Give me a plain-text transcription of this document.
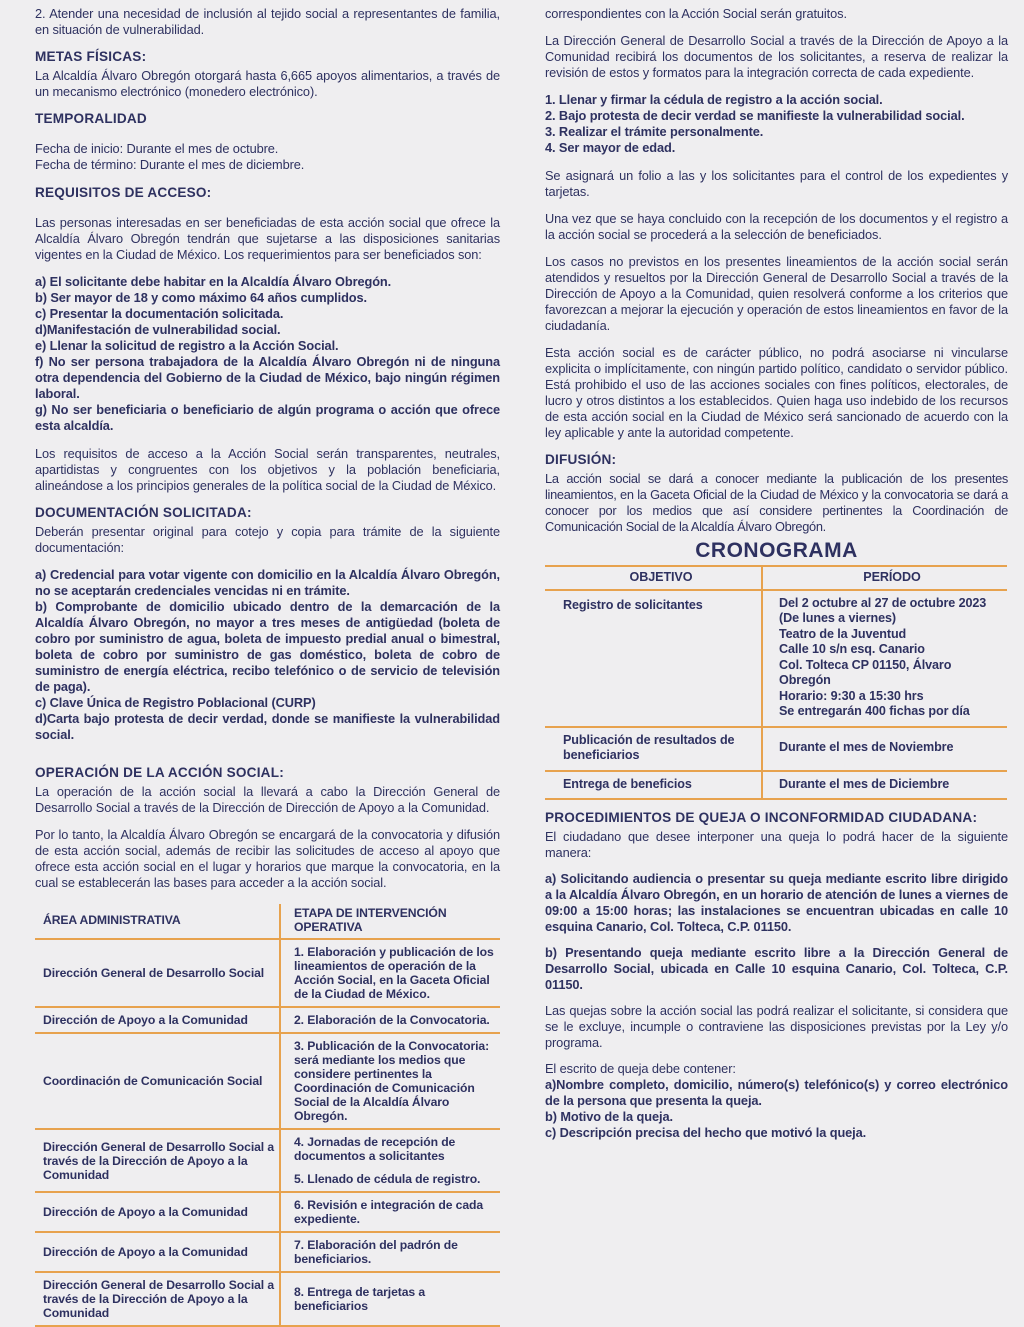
2. Atender una necesidad de inclusión al tejido social a representantes de familia, en situación de vulnerabilidad.
METAS FÍSICAS:
La Alcaldía Álvaro Obregón otorgará hasta 6,665 apoyos alimentarios, a través de un mecanismo electrónico (monedero electrónico).
TEMPORALIDAD
Fecha de inicio: Durante el mes de octubre.
Fecha de término: Durante el mes de diciembre.
REQUISITOS DE ACCESO:
Las personas interesadas en ser beneficiadas de esta acción social que ofrece la Alcaldía Álvaro Obregón tendrán que sujetarse a las disposiciones sanitarias vigentes en la Ciudad de México. Los requerimientos para ser beneficiados son:
a) El solicitante debe habitar en la Alcaldía Álvaro Obregón.
b) Ser mayor de 18 y como máximo 64 años cumplidos.
c) Presentar la documentación solicitada.
d)Manifestación de vulnerabilidad social.
e) Llenar la solicitud de registro a la Acción Social.
f) No ser persona trabajadora de la Alcaldía Álvaro Obregón ni de ninguna otra dependencia del Gobierno de la Ciudad de México, bajo ningún régimen laboral.
g) No ser beneficiaria o beneficiario de algún programa o acción que ofrece esta alcaldía.
Los requisitos de acceso a la Acción Social serán transparentes, neutrales, apartidistas y congruentes con los objetivos y la población beneficiaria, alineándose a los principios generales de la política social de la Ciudad de México.
DOCUMENTACIÓN SOLICITADA:
Deberán presentar original para cotejo y copia para trámite de la siguiente documentación:
a) Credencial para votar vigente con domicilio en la Alcaldía Álvaro Obregón, no se aceptarán credenciales vencidas ni en trámite.
b) Comprobante de domicilio ubicado dentro de la demarcación de la Alcaldía Álvaro Obregón, no mayor a tres meses de antigüedad (boleta de cobro por suministro de agua, boleta de impuesto predial anual o bimestral, boleta de cobro por suministro de gas doméstico, boleta de cobro de suministro de energía eléctrica, recibo telefónico o de servicio de televisión de paga).
c) Clave Única de Registro Poblacional (CURP)
d)Carta bajo protesta de decir verdad, donde se manifieste la vulnerabilidad social.
OPERACIÓN DE LA ACCIÓN SOCIAL:
La operación de la acción social la llevará a cabo la Dirección General de Desarrollo Social a través de la Dirección de Dirección de Apoyo a la Comunidad.
Por lo tanto, la Alcaldía Álvaro Obregón se encargará de la convocatoria y difusión de esta acción social, además de recibir las solicitudes de acceso al apoyo que ofrece esta acción social en el lugar y horarios que marque la convocatoria, en la cual se establecerán las bases para acceder a la acción social.
ÁREA ADMINISTRATIVA	ETAPA DE INTERVENCIÓN OPERATIVA
Dirección General de Desarrollo Social	1. Elaboración y publicación de los lineamientos de operación de la Acción Social, en la Gaceta Oficial de la Ciudad de México.

Dirección de Apoyo a la Comunidad	2. Elaboración de la Convocatoria.

Coordinación de Comunicación Social	3. Publicación de la Convocatoria: será mediante los medios que considere pertinentes la Coordinación de Comunicación Social de la Alcaldía Álvaro Obregón.

Dirección General de Desarrollo Social a través de la Dirección de Apoyo a la Comunidad	4. Jornadas de recepción de documentos a solicitantes
5. Llenado de cédula de registro.

Dirección de Apoyo a la Comunidad	6. Revisión e integración de cada expediente.

Dirección de Apoyo a la Comunidad	7. Elaboración del padrón de beneficiarios.

Dirección General de Desarrollo Social a través de la Dirección de Apoyo a la Comunidad	8. Entrega de tarjetas a beneficiarios
correspondientes con la Acción Social serán gratuitos.
La Dirección General de Desarrollo Social a través de la Dirección de Apoyo a la Comunidad recibirá los documentos de los solicitantes, a reserva de realizar la revisión de estos y formatos para la integración correcta de cada expediente.
1. Llenar y firmar la cédula de registro a la acción social.
2. Bajo protesta de decir verdad se manifieste la vulnerabilidad social.
3. Realizar el trámite personalmente.
4. Ser mayor de edad.
Se asignará un folio a las y los solicitantes para el control de los expedientes y tarjetas.
Una vez que se haya concluido con la recepción de los documentos y el registro a la acción social se procederá a la selección de beneficiados.
Los casos no previstos en los presentes lineamientos de la acción social serán atendidos y resueltos por la Dirección General de Desarrollo Social a través de la Dirección de Apoyo a la Comunidad, quien resolverá conforme a los criterios que favorezcan a mejorar la ejecución y operación de estos lineamientos en favor de la ciudadanía.
Esta acción social es de carácter público, no podrá asociarse ni vincularse explicita o implícitamente, con ningún partido político, candidato o servidor público. Está prohibido el uso de las acciones sociales con fines políticos, electorales, de lucro y otros distintos a los establecidos. Quien haga uso indebido de los recursos de esta acción social en la Ciudad de México será sancionado de acuerdo con la ley aplicable y ante la autoridad competente.
DIFUSIÓN:
La acción social se dará a conocer mediante la publicación de los presentes lineamientos, en la Gaceta Oficial de la Ciudad de México y la convocatoria se dará a conocer por los medios que así considere pertinentes la Coordinación de Comunicación Social de la Alcaldía Álvaro Obregón.
CRONOGRAMA
OBJETIVO	PERÍODO
Registro de solicitantes	Del 2 octubre al 27 de octubre 2023
(De lunes a viernes)
Teatro de la Juventud
Calle 10 s/n esq. Canario
Col. Tolteca CP 01150, Álvaro Obregón
Horario: 9:30 a 15:30 hrs
Se entregarán 400 fichas por día

Publicación de resultados de beneficiarios	Durante el mes de Noviembre
Entrega de beneficios	Durante el mes de Diciembre
PROCEDIMIENTOS DE QUEJA O INCONFORMIDAD CIUDADANA:
El ciudadano que desee interponer una queja lo podrá hacer de la siguiente manera:
a) Solicitando audiencia o presentar su queja mediante escrito libre dirigido a la Alcaldía Álvaro Obregón, en un horario de atención de lunes a viernes de 09:00 a 15:00 horas; las instalaciones se encuentran ubicadas en calle 10 esquina Canario, Col. Tolteca, C.P. 01150.
b) Presentando queja mediante escrito libre a la Dirección General de Desarrollo Social, ubicada en Calle 10 esquina Canario, Col. Tolteca, C.P. 01150.
Las quejas sobre la acción social las podrá realizar el solicitante, si considera que se le excluye, incumple o contraviene las disposiciones previstas por la Ley y/o programa.
El escrito de queja debe contener:
a)Nombre completo, domicilio, número(s) telefónico(s) y correo electrónico de la persona que presenta la queja.
b) Motivo de la queja.
c) Descripción precisa del hecho que motivó la queja.
